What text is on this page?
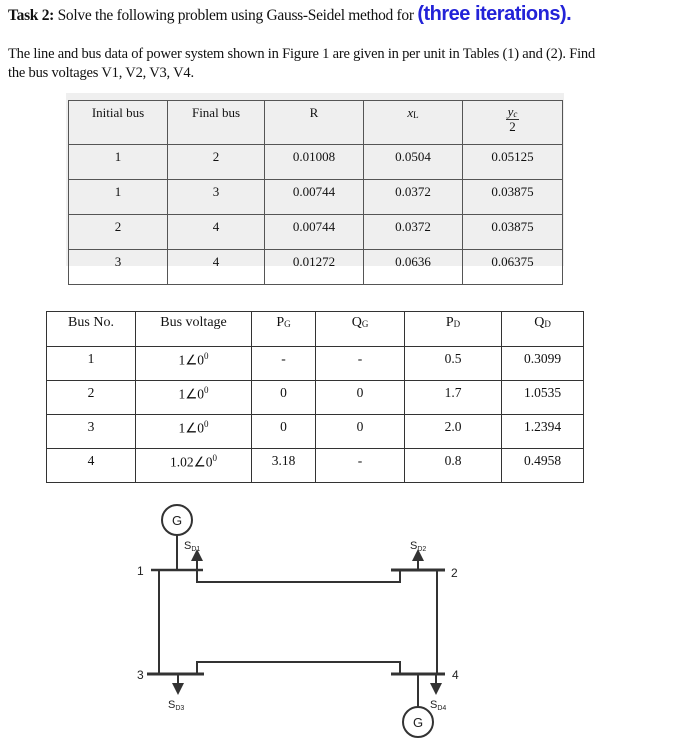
Task 2: Solve the following problem using Gauss-Seidel method for (three iterations).
The line and bus data of power system shown in Figure 1 are given in per unit in Tables (1) and (2). Find
the bus voltages V1, V2, V3, V4.
Initial bus	Final bus	R	$x_L$	$\frac{y_c}{2}$
1	2	0.01008	0.0504	0.05125
1	3	0.00744	0.0372	0.03875
2	4	0.00744	0.0372	0.03875
3	4	0.01272	0.0636	0.06375
Bus No.	Bus voltage	$P_G$	$Q_G$	$P_D$	$Q_D$
1	$1\angle 0^0$	-	-	0.5	0.3099
2	$1\angle 0^0$	0	0	1.7	1.0535
3	$1\angle 0^0$	0	0	2.0	1.2394
4	$1.02\angle 0^0$	3.18	-	0.8	0.4958
G
G
1	2
3	4
SD1	SD2
SD3	SD4
